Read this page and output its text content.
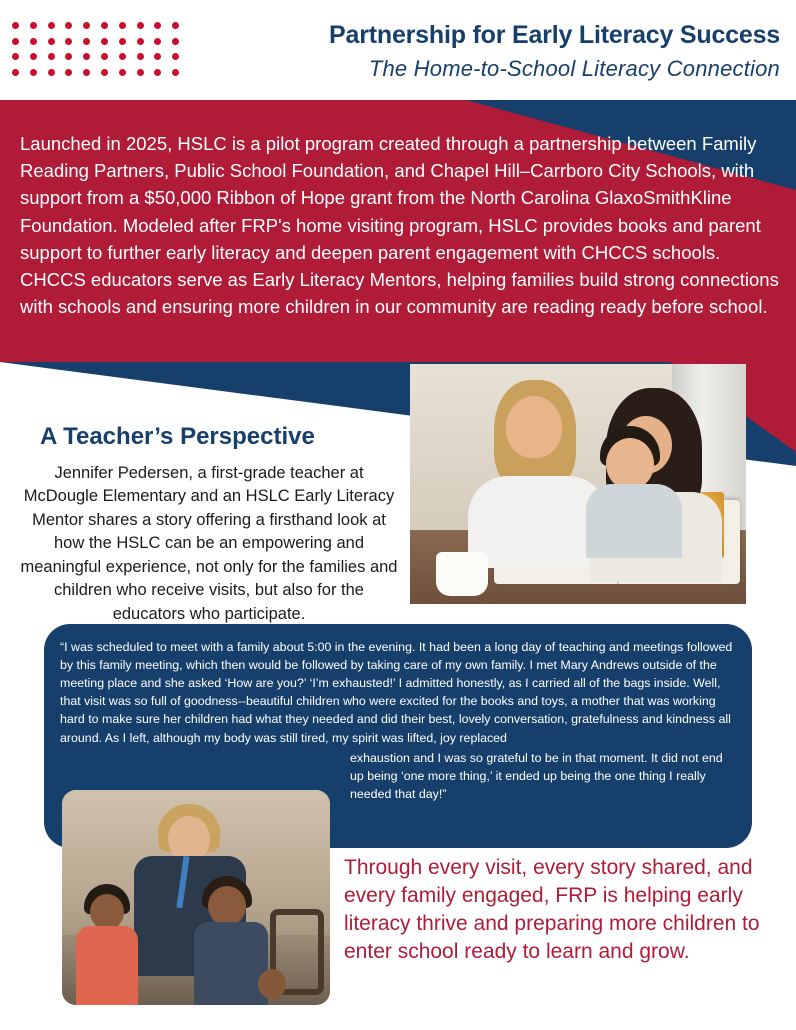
Partnership for Early Literacy Success
The Home-to-School Literacy Connection
Launched in 2025, HSLC is a pilot program created through a partnership between Family Reading Partners, Public School Foundation, and Chapel Hill–Carrboro City Schools, with support from a $50,000 Ribbon of Hope grant from the North Carolina GlaxoSmithKline Foundation. Modeled after FRP's home visiting program, HSLC provides books and parent support to further early literacy and deepen parent engagement with CHCCS schools. CHCCS educators serve as Early Literacy Mentors, helping families build strong connections with schools and ensuring more children in our community are reading ready before school.
A Teacher’s Perspective
Jennifer Pedersen, a first-grade teacher at McDougle Elementary and an HSLC Early Literacy Mentor shares a story offering a firsthand look at how the HSLC can be an empowering and meaningful experience, not only for the families and children who receive visits, but also for the educators who participate.
“I was scheduled to meet with a family about 5:00 in the evening. It had been a long day of teaching and meetings followed by this family meeting, which then would be followed by taking care of my own family. I met Mary Andrews outside of the meeting place and she asked ‘How are you?’ ‘I’m exhausted!’ I admitted honestly, as I carried all of the bags inside. Well, that visit was so full of goodness--beautiful children who were excited for the books and toys, a mother that was working hard to make sure her children had what they needed and did their best, lovely conversation, gratefulness and kindness all around. As I left, although my body was still tired, my spirit was lifted, joy replaced
exhaustion and I was so grateful to be in that moment. It did not end up being ‘one more thing,’ it ended up being the one thing I really needed that day!”
Through every visit, every story shared, and every family engaged, FRP is helping early literacy thrive and preparing more children to enter school ready to learn and grow.
